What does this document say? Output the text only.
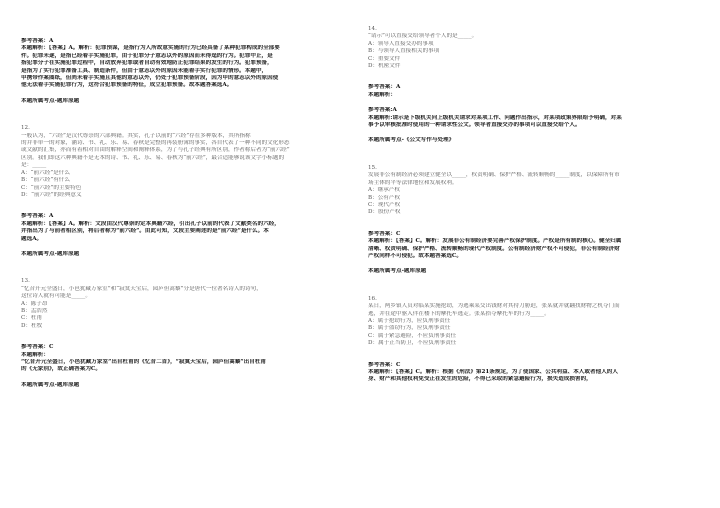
参考答案：A
本题解析：【答案】A。解析：犯罪预谋，是指行为人所故意实施的行为已经具备了某种犯罪构成的全部要
件。犯罪未遂，是指已经着手实施犯罪，由于犯罪分子意志以外的原因而未得逞的行为。犯罪中止，是
指犯罪分子在实施犯罪过程中，自动放弃犯罪或者自动有效地防止犯罪结果的发生的行为。犯罪预备，
是指为了实行犯罪准备工具、制造条件，但由于意志以外的原因未能着手实行犯罪的情形。本题中，
甲携带作案图纸，但尚未着手实施且其他的意志以外，仍处于犯罪预备阶段，因为甲的意志以外的原因使
他无法着手实施犯罪行为，这符合犯罪预备的特征，成立犯罪预备。故本题答案选A。
本题所属考点-题库原题
12.
一般认为，“六经”是汉代尊崇的六部典籍。其实，孔子以前的“六经”存在多种版本，其所指称
的并非单一的对象，涵诗、书、礼、乐、易、春秋是完整的再装册簿的事实，各自代表了一种不同的文化形态
或文献的汇集，亦而有着相对自由的解释空间和阐释体系，为了与孔子经典有所区别，作者称后者为“前六经”
区别。我们即这六种典籍不是无本的诗、书、礼、乐、易、春秋为“前六经”，最合适能够说该文字小标题的
是：_____
A：“前六经”是什么
B：“前六经”有什么
C：“前六经”的主要特色
D：“前六经”的经典意义
参考答案：A
本题解析：【答案】A。解析：文段由汉代尊崇的定本典籍六经，引出孔子以前的代表了文献类名的六经，
并指出为了与前者相区别，将后者称为“前六经”。由此可知，文段主要阐述的是“前六经”是什么。本
题选A。
本题所属考点-题库原题
13.
“忆昔开元全盛日，小邑犹藏万家室”和“寂寞天宝后，园庐但蒿藜”分是唐代一位著名诗人的诗句，
这位诗人就有可能是_____。
A：陈子昂
B：孟浩然
C：杜甫
D：杜牧
参考答案：C
本题解析：
“忆昔开元全盛日，小邑犹藏万家室”出自杜甫的《忆昔二首》，“寂寞天宝后，园庐但蒿藜”出自杜甫
的《无家别》，故正确答案为C。
本题所属考点-题库原题
14.
“请示”可以直接交给领导者个人的是_____。
A：领导人直接交办的事项
B：与领导人直接相关的事项
C：重要文件
D：机密文件
参考答案：A
本题解析：
参考答案:A
本题解析:请示是下级机关向上级机关请求对某项工作、问题作出指示，对某项政策界限给予明确，对某
事予以审核批准时使用的一种请求性公文。领导者直接交办的事项可以直接交给个人。
本题所属考点-《公文写作与处理》
15.
发展非公有制经济必须建立健全以_____，权责明确、保护严格、流转顺畅的_____制度，以保障所有市
场主体的平等法律地位和发展权利。
A：继承产权
B：公有产权
C：现代产权
D：股份产权
参考答案：C
本题解析：【答案】C。解析：发展非公有制经济要完善产权保护制度。产权是所有制的核心。健全归属
清晰、权责明确、保护严格、流转顺畅的现代产权制度。公有制经济财产权不可侵犯，非公有制经济财
产权同样不可侵犯。故本题答案选C。
本题所属考点-题库原题
16.
某日，两乡镇人员对临某实施抢劫，为逃乘某交出钱财对其持刀胁迫，张某就并就翻找财物之机夺门而
逃，并在途中驱入伴在楼下的摩托车逃走。张某拾夺摩托车的行为_____。
A：属于抢劫行为，应负刑事责任
B：属于盗窃行为，应负刑事责任
C：属于紧急避险，不应负刑事责任
D：属于正当防卫，不应负刑事责任
参考答案：C
本题解析：【答案】C。解析：根据《刑法》第21条规定，为了使国家、公共利益、本人或者他人的人
身、财产和其他权利免受正在发生的危险，不得已采取的紧急避险行为，损失造成损害的，
